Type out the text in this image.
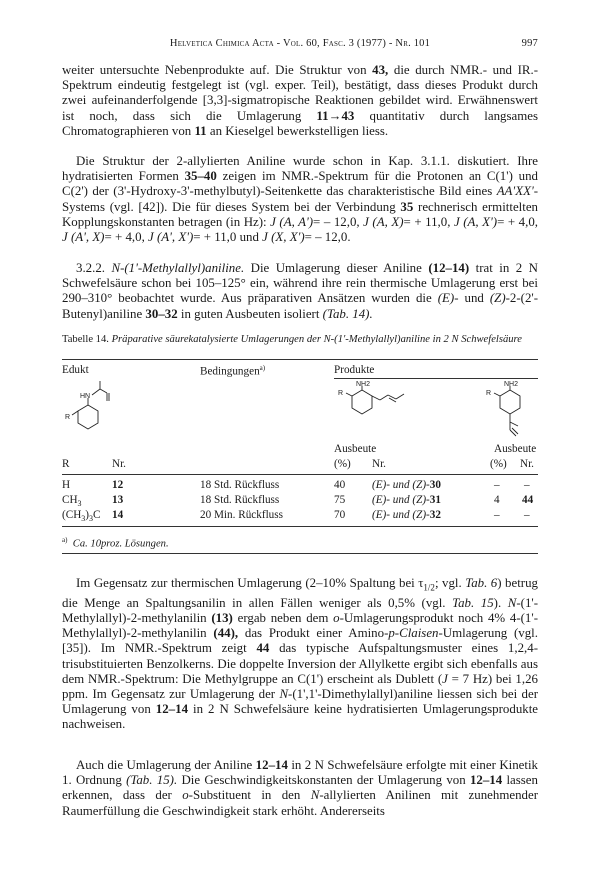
Helvetica Chimica Acta - Vol. 60, Fasc. 3 (1977) - Nr. 101	997

weiter untersuchte Nebenprodukte auf. Die Struktur von 43, die durch NMR.- und IR.-Spektrum eindeutig festgelegt ist (vgl. exper. Teil), bestätigt, dass dieses Produkt durch zwei aufeinanderfolgende [3,3]-sigmatropische Reaktionen gebildet wird. Erwähnenswert ist noch, dass sich die Umlagerung 11→43 quantitativ durch langsames Chromatographieren von 11 an Kieselgel bewerkstelligen liess.

Die Struktur der 2-allylierten Aniline wurde schon in Kap. 3.1.1. diskutiert. Ihre hydratisierten Formen 35–40 zeigen im NMR.-Spektrum für die Protonen an C(1') und C(2') der (3'-Hydroxy-3'-methylbutyl)-Seitenkette das charakteristische Bild eines AA'XX'-Systems (vgl. [42]). Die für dieses System bei der Verbindung 35 rechnerisch ermittelten Kopplungskonstanten betragen (in Hz): J (A, A')= – 12,0, J (A, X)= + 11,0, J (A, X')= + 4,0, J (A', X)= + 4,0, J (A', X')= + 11,0 und J (X, X')= – 12,0.

3.2.2. N-(1'-Methylallyl)aniline. Die Umlagerung dieser Aniline (12–14) trat in 2 N Schwefelsäure schon bei 105–125° ein, während ihre rein thermische Umlagerung erst bei 290–310° beobachtet wurde. Aus präparativen Ansätzen wurden die (E)- und (Z)-2-(2'-Butenyl)aniline 30–32 in guten Ausbeuten isoliert (Tab. 14).

Tabelle 14. Präparative säurekatalysierte Umlagerungen der N-(1'-Methylallyl)aniline in 2 N Schwefelsäure
Edukt	Bedingungen$^{a)}$	Produkte
HN
R
NH2
R
NH2
R
Ausbeute	Ausbeute
R	Nr.	(%) Nr.	(%) Nr.
H	12	18 Std. Rückfluss	40 (E)- und (Z)-30	– –
$CH_3$	13	18 Std. Rückfluss	75 (E)- und (Z)-31	4 44
$(CH_3)_3C$ 14	20 Min. Rückfluss	70 (E)- und (Z)-32	– –
$^{a)}$ Ca. 10proz. Lösungen.

Im Gegensatz zur thermischen Umlagerung (2–10% Spaltung bei $\tau_{1/2}$; vgl. Tab. 6) betrug die Menge an Spaltungsanilin in allen Fällen weniger als 0,5% (vgl. Tab. 15). N-(1'-Methylallyl)-2-methylanilin (13) ergab neben dem o-Umlagerungsprodukt noch 4% 4-(1'-Methylallyl)-2-methylanilin (44), das Produkt einer Amino-p-Claisen-Umlagerung (vgl. [35]). Im NMR.-Spektrum zeigt 44 das typische Aufspaltungsmuster eines 1,2,4-trisubstituierten Benzolkerns. Die doppelte Inversion der Allylkette ergibt sich ebenfalls aus dem NMR.-Spektrum: Die Methylgruppe an C(1') erscheint als Dublett (J = 7 Hz) bei 1,26 ppm. Im Gegensatz zur Umlagerung der N-(1',1'-Dimethylallyl)aniline liessen sich bei der Umlagerung von 12–14 in 2 N Schwefelsäure keine hydratisierten Umlagerungsprodukte nachweisen.

Auch die Umlagerung der Aniline 12–14 in 2 N Schwefelsäure erfolgte mit einer Kinetik 1. Ordnung (Tab. 15). Die Geschwindigkeitskonstanten der Umlagerung von 12–14 lassen erkennen, dass der o-Substituent in den N-allylierten Anilinen mit zunehmender Raumerfüllung die Geschwindigkeit stark erhöht. Andererseits
